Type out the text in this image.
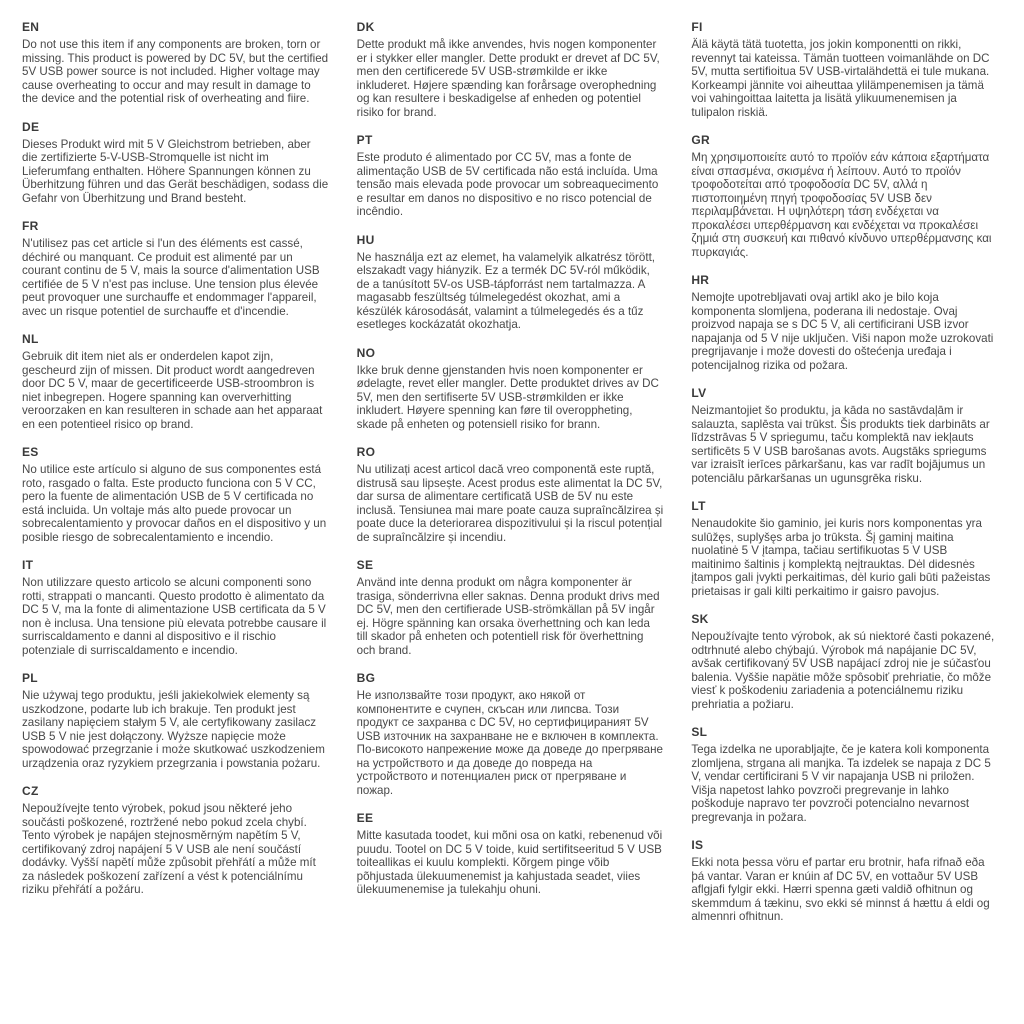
EN

Do not use this item if any components are broken, torn or missing. This product is powered by DC 5V, but the certified 5V USB power source is not included. Higher voltage may cause overheating to occur and may result in damage to the device and the potential risk of overheating and fiire.

DE

Dieses Produkt wird mit 5 V Gleichstrom betrieben, aber die zertifizierte 5-V-USB-Stromquelle ist nicht im Lieferumfang enthalten. Höhere Spannungen können zu Überhitzung führen und das Gerät beschädigen, sodass die Gefahr von Überhitzung und Brand besteht.

FR

N'utilisez pas cet article si l'un des éléments est cassé, déchiré ou manquant. Ce produit est alimenté par un courant continu de 5 V, mais la source d'alimentation USB certifiée de 5 V n'est pas incluse. Une tension plus élevée peut provoquer une surchauffe et endommager l'appareil, avec un risque potentiel de surchauffe et d'incendie.

NL

Gebruik dit item niet als er onderdelen kapot zijn, gescheurd zijn of missen. Dit product wordt aangedreven door DC 5 V, maar de gecertificeerde USB-stroombron is niet inbegrepen. Hogere spanning kan oververhitting veroorzaken en kan resulteren in schade aan het apparaat en een potentieel risico op brand.

ES

No utilice este artículo si alguno de sus componentes está roto, rasgado o falta. Este producto funciona con 5 V CC, pero la fuente de alimentación USB de 5 V certificada no está incluida. Un voltaje más alto puede provocar un sobrecalentamiento y provocar daños en el dispositivo y un posible riesgo de sobrecalentamiento e incendio.

IT

Non utilizzare questo articolo se alcuni componenti sono rotti, strappati o mancanti. Questo prodotto è alimentato da DC 5 V, ma la fonte di alimentazione USB certificata da 5 V non è inclusa. Una tensione più elevata potrebbe causare il surriscaldamento e danni al dispositivo e il rischio potenziale di surriscaldamento e incendio.

PL

Nie używaj tego produktu, jeśli jakiekolwiek elementy są uszkodzone, podarte lub ich brakuje. Ten produkt jest zasilany napięciem stałym 5 V, ale certyfikowany zasilacz USB 5 V nie jest dołączony. Wyższe napięcie może spowodować przegrzanie i może skutkować uszkodzeniem urządzenia oraz ryzykiem przegrzania i powstania pożaru.

CZ

Nepoužívejte tento výrobek, pokud jsou některé jeho součásti poškozené, roztržené nebo pokud zcela chybí. Tento výrobek je napájen stejnosměrným napětím 5 V, certifikovaný zdroj napájení 5 V USB ale není součástí dodávky. Vyšší napětí může způsobit přehřátí a může mít za následek poškození zařízení a vést k potenciálnímu riziku přehřátí a požáru.

DK

Dette produkt må ikke anvendes, hvis nogen komponenter er i stykker eller mangler. Dette produkt er drevet af DC 5V, men den certificerede 5V USB-strømkilde er ikke inkluderet. Højere spænding kan forårsage overophedning og kan resultere i beskadigelse af enheden og potentiel risiko for brand.

PT

Este produto é alimentado por CC 5V, mas a fonte de alimentação USB de 5V certificada não está incluída. Uma tensão mais elevada pode provocar um sobreaquecimento e resultar em danos no dispositivo e no risco potencial de incêndio.

HU

Ne használja ezt az elemet, ha valamelyik alkatrész törött, elszakadt vagy hiányzik. Ez a termék DC 5V-ról működik, de a tanúsított 5V-os USB-tápforrást nem tartalmazza. A magasabb feszültség túlmelegedést okozhat, ami a készülék károsodását, valamint a túlmelegedés és a tűz esetleges kockázatát okozhatja.

NO

Ikke bruk denne gjenstanden hvis noen komponenter er ødelagte, revet eller mangler. Dette produktet drives av DC 5V, men den sertifiserte 5V USB-strømkilden er ikke inkludert. Høyere spenning kan føre til overoppheting, skade på enheten og potensiell risiko for brann.

RO

Nu utilizați acest articol dacă vreo componentă este ruptă, distrusă sau lipsește. Acest produs este alimentat la DC 5V, dar sursa de alimentare certificată USB de 5V nu este inclusă. Tensiunea mai mare poate cauza supraîncălzirea și poate duce la deteriorarea dispozitivului și la riscul potențial de supraîncălzire și incendiu.

SE

Använd inte denna produkt om några komponenter är trasiga, sönderrivna eller saknas. Denna produkt drivs med DC 5V, men den certifierade USB-strömkällan på 5V ingår ej. Högre spänning kan orsaka överhettning och kan leda till skador på enheten och potentiell risk för överhettning och brand.

BG

Не използвайте този продукт, ако някой от компонентите е счупен, скъсан или липсва. Този продукт се захранва с DC 5V, но сертифицираният 5V USB източник на захранване не е включен в комплекта. По-високото напрежение може да доведе до прегряване на устройството и да доведе до повреда на устройството и потенциален риск от прегряване и пожар.

EE

Mitte kasutada toodet, kui mõni osa on katki, rebenenud või puudu. Tootel on DC 5 V toide, kuid sertifitseeritud 5 V USB toiteallikas ei kuulu komplekti. Kõrgem pinge võib põhjustada ülekuumenemist ja kahjustada seadet, viies ülekuumenemise ja tulekahju ohuni.

FI

Älä käytä tätä tuotetta, jos jokin komponentti on rikki, revennyt tai kateissa. Tämän tuotteen voimanlähde on DC 5V, mutta sertifioitua 5V USB-virtalähdettä ei tule mukana. Korkeampi jännite voi aiheuttaa ylilämpenemisen ja tämä voi vahingoittaa laitetta ja lisätä ylikuumenemisen ja tulipalon riskiä.

GR

Μη χρησιμοποιείτε αυτό το προϊόν εάν κάποια εξαρτήματα είναι σπασμένα, σκισμένα ή λείπουν. Αυτό το προϊόν τροφοδοτείται από τροφοδοσία DC 5V, αλλά η πιστοποιημένη πηγή τροφοδοσίας 5V USB δεν περιλαμβάνεται. Η υψηλότερη τάση ενδέχεται να προκαλέσει υπερθέρμανση και ενδέχεται να προκαλέσει ζημιά στη συσκευή και πιθανό κίνδυνο υπερθέρμανσης και πυρκαγιάς.

HR

Nemojte upotrebljavati ovaj artikl ako je bilo koja komponenta slomljena, poderana ili nedostaje. Ovaj proizvod napaja se s DC 5 V, ali certificirani USB izvor napajanja od 5 V nije uključen. Viši napon može uzrokovati pregrijavanje i može dovesti do oštećenja uređaja i potencijalnog rizika od požara.

LV

Neizmantojiet šo produktu, ja kāda no sastāvdaļām ir salauzta, saplēsta vai trūkst. Šis produkts tiek darbināts ar līdzstrāvas 5 V spriegumu, taču komplektā nav iekļauts sertificēts 5 V USB barošanas avots. Augstāks spriegums var izraisīt ierīces pārkaršanu, kas var radīt bojājumus un potenciālu pārkaršanas un ugunsgrēka risku.

LT

Nenaudokite šio gaminio, jei kuris nors komponentas yra sulūžęs, suplyšęs arba jo trūksta. Šį gaminį maitina nuolatinė 5 V įtampa, tačiau sertifikuotas 5 V USB maitinimo šaltinis į komplektą neįtrauktas. Dėl didesnės įtampos gali įvykti perkaitimas, dėl kurio gali būti pažeistas prietaisas ir gali kilti perkaitimo ir gaisro pavojus.

SK

Nepoužívajte tento výrobok, ak sú niektoré časti pokazené, odtrhnuté alebo chýbajú. Výrobok má napájanie DC 5V, avšak certifikovaný 5V USB napájací zdroj nie je súčasťou balenia. Vyššie napätie môže spôsobiť prehriatie, čo môže viesť k poškodeniu zariadenia a potenciálnemu riziku prehriatia a požiaru.

SL

Tega izdelka ne uporabljajte, če je katera koli komponenta zlomljena, strgana ali manjka. Ta izdelek se napaja z DC 5 V, vendar certificirani 5 V vir napajanja USB ni priložen. Višja napetost lahko povzroči pregrevanje in lahko poškoduje napravo ter povzroči potencialno nevarnost pregrevanja in požara.

IS

Ekki nota þessa vöru ef partar eru brotnir, hafa rifnað eða þá vantar. Varan er knúin af DC 5V, en vottaður 5V USB aflgjafi fylgir ekki. Hærri spenna gæti valdið ofhitnun og skemmdum á tækinu, svo ekki sé minnst á hættu á eldi og almennri ofhitnun.
